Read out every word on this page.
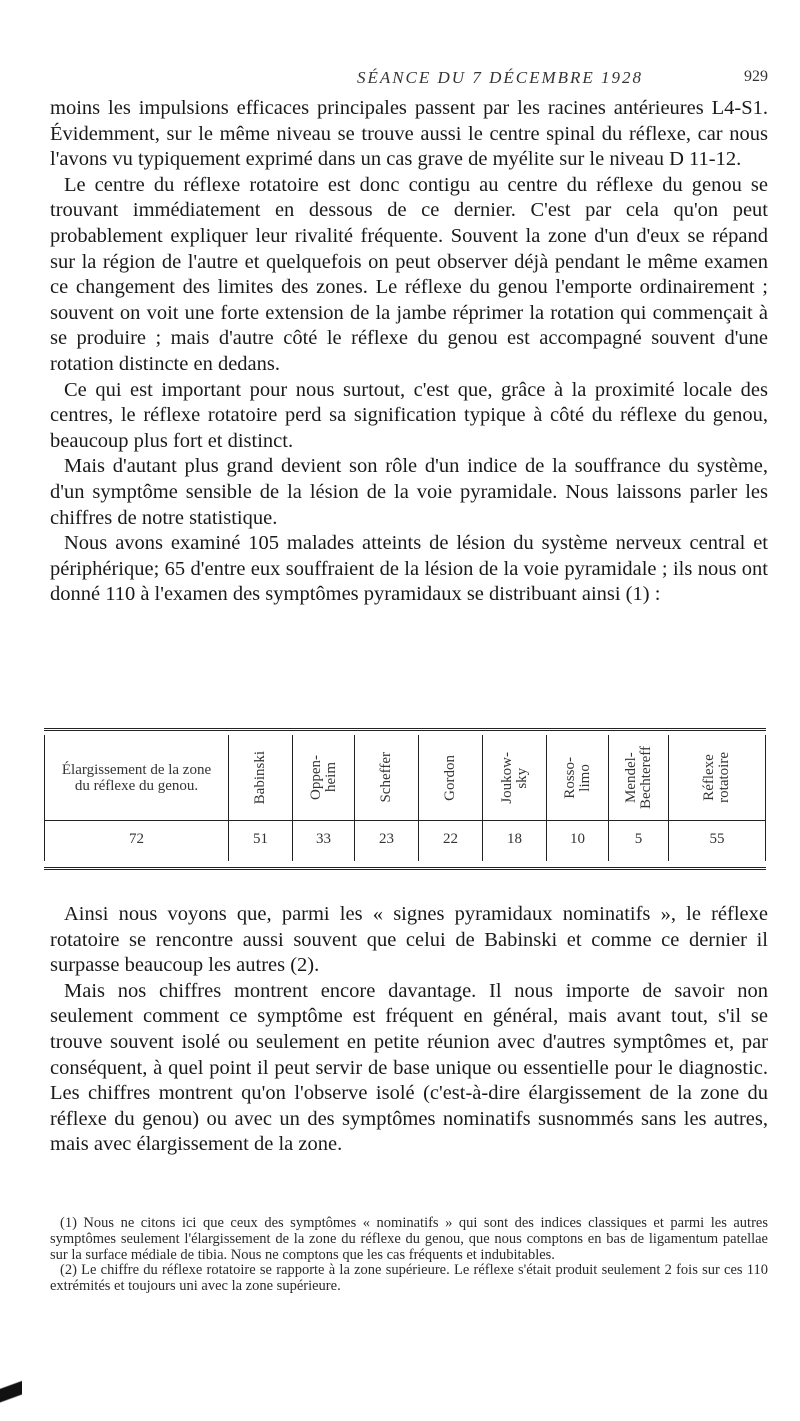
SÉANCE DU 7 DÉCEMBRE 1928	929

moins les impulsions efficaces principales passent par les racines antérieures L4-S1. Évidemment, sur le même niveau se trouve aussi le centre spinal du réflexe, car nous l'avons vu typiquement exprimé dans un cas grave de myélite sur le niveau D 11-12.

Le centre du réflexe rotatoire est donc contigu au centre du réflexe du genou se trouvant immédiatement en dessous de ce dernier. C'est par cela qu'on peut probablement expliquer leur rivalité fréquente. Souvent la zone d'un d'eux se répand sur la région de l'autre et quelquefois on peut observer déjà pendant le même examen ce changement des limites des zones. Le réflexe du genou l'emporte ordinairement ; souvent on voit une forte extension de la jambe réprimer la rotation qui commençait à se produire ; mais d'autre côté le réflexe du genou est accompagné souvent d'une rotation distincte en dedans.

Ce qui est important pour nous surtout, c'est que, grâce à la proximité locale des centres, le réflexe rotatoire perd sa signification typique à côté du réflexe du genou, beaucoup plus fort et distinct.

Mais d'autant plus grand devient son rôle d'un indice de la souffrance du système, d'un symptôme sensible de la lésion de la voie pyramidale. Nous laissons parler les chiffres de notre statistique.

Nous avons examiné 105 malades atteints de lésion du système nerveux central et périphérique; 65 d'entre eux souffraient de la lésion de la voie pyramidale ; ils nous ont donné 110 à l'examen des symptômes pyramidaux se distribuant ainsi (1) :

Élargissement de la zone du réflexe du genou.
72
Babinski
51
Oppen-
heim
33
Scheffer
23
Gordon
22
Joukow-
sky
18
Rosso-
limo
10
Mendel-
Bechtereff
5
Réflexe
rotatoire
55

Ainsi nous voyons que, parmi les « signes pyramidaux nominatifs », le réflexe rotatoire se rencontre aussi souvent que celui de Babinski et comme ce dernier il surpasse beaucoup les autres (2).

Mais nos chiffres montrent encore davantage. Il nous importe de savoir non seulement comment ce symptôme est fréquent en général, mais avant tout, s'il se trouve souvent isolé ou seulement en petite réunion avec d'autres symptômes et, par conséquent, à quel point il peut servir de base unique ou essentielle pour le diagnostic. Les chiffres montrent qu'on l'observe isolé (c'est-à-dire élargissement de la zone du réflexe du genou) ou avec un des symptômes nominatifs susnommés sans les autres, mais avec élargissement de la zone.

(1) Nous ne citons ici que ceux des symptômes « nominatifs » qui sont des indices classiques et parmi les autres symptômes seulement l'élargissement de la zone du réflexe du genou, que nous comptons en bas de ligamentum patellae sur la surface médiale de tibia. Nous ne comptons que les cas fréquents et indubitables.

(2) Le chiffre du réflexe rotatoire se rapporte à la zone supérieure. Le réflexe s'était produit seulement 2 fois sur ces 110 extrémités et toujours uni avec la zone supérieure.
